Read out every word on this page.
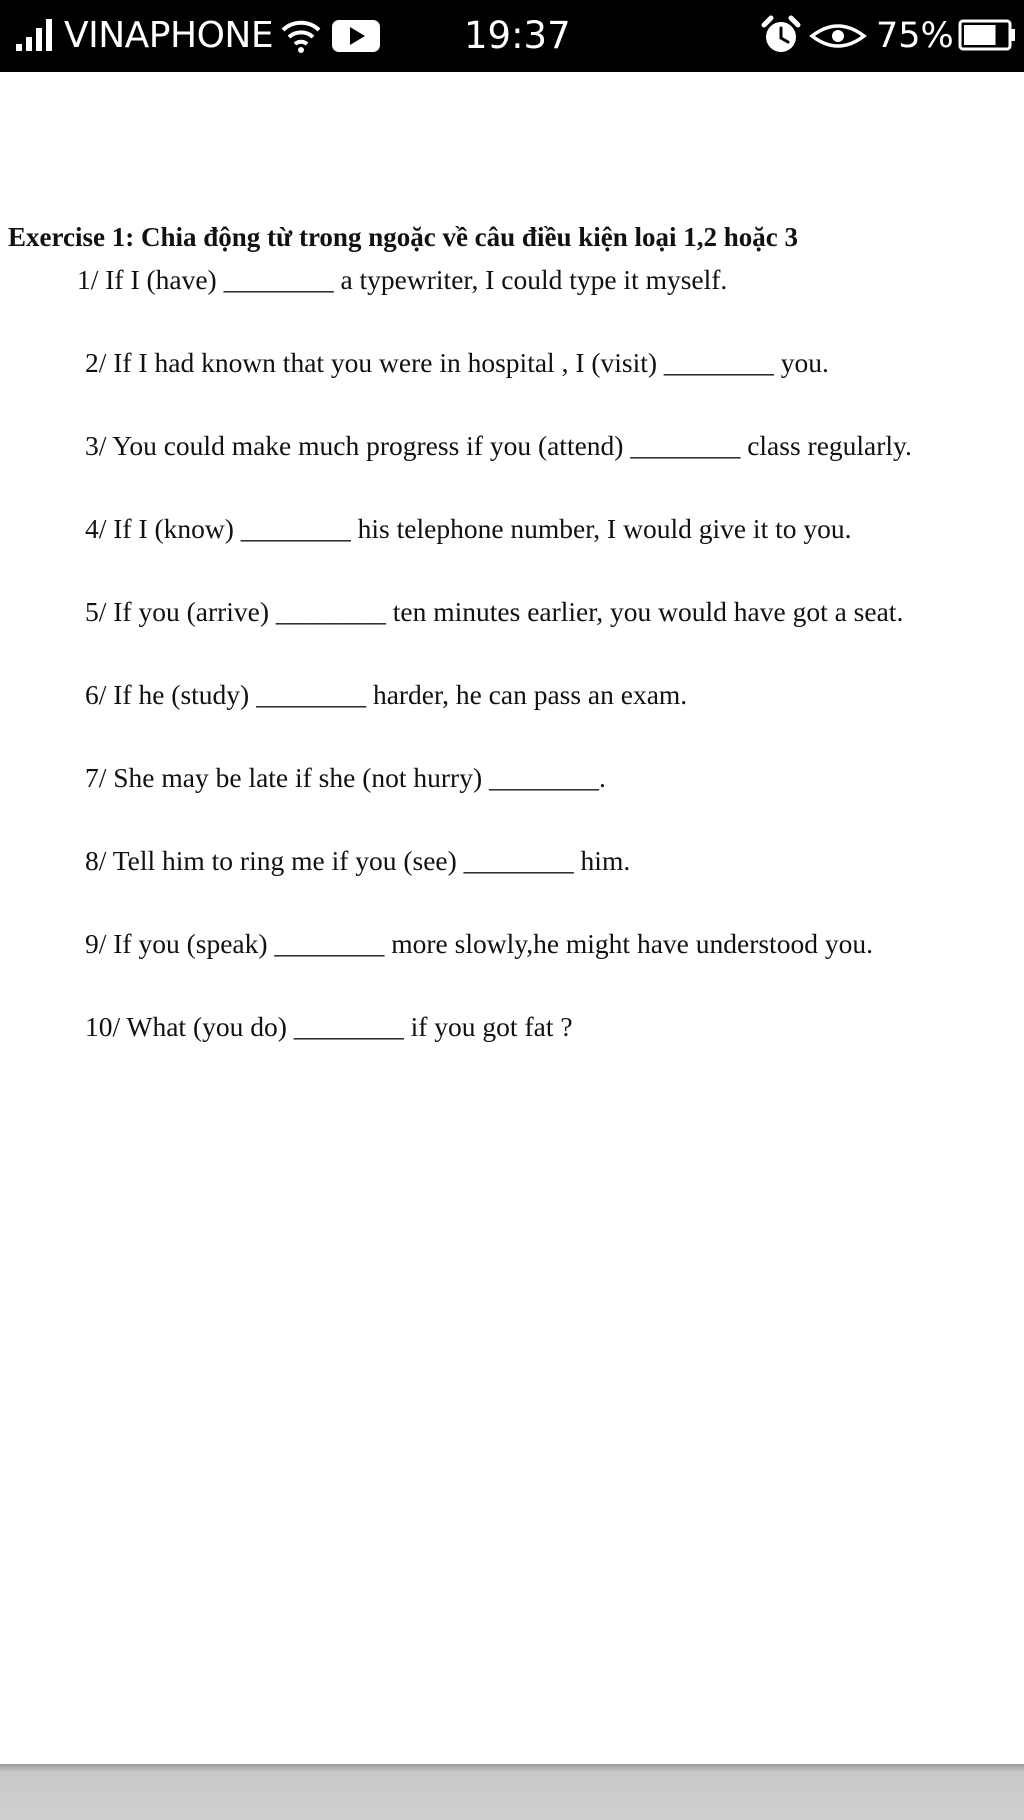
VINAPHONE	19:37	75%
Exercise 1: Chia động từ trong ngoặc về câu điều kiện loại 1,2 hoặc 3
1/ If I (have) ________ a typewriter, I could type it myself.
2/ If I had known that you were in hospital , I (visit) ________ you.
3/ You could make much progress if you (attend) ________ class regularly.
4/ If I (know) ________ his telephone number, I would give it to you.
5/ If you (arrive) ________ ten minutes earlier, you would have got a seat.
6/ If he (study) ________ harder, he can pass an exam.
7/ She may be late if she (not hurry) ________.
8/ Tell him to ring me if you (see) ________ him.
9/ If you (speak) ________ more slowly,he might have understood you.
10/ What (you do) ________ if you got fat ?
